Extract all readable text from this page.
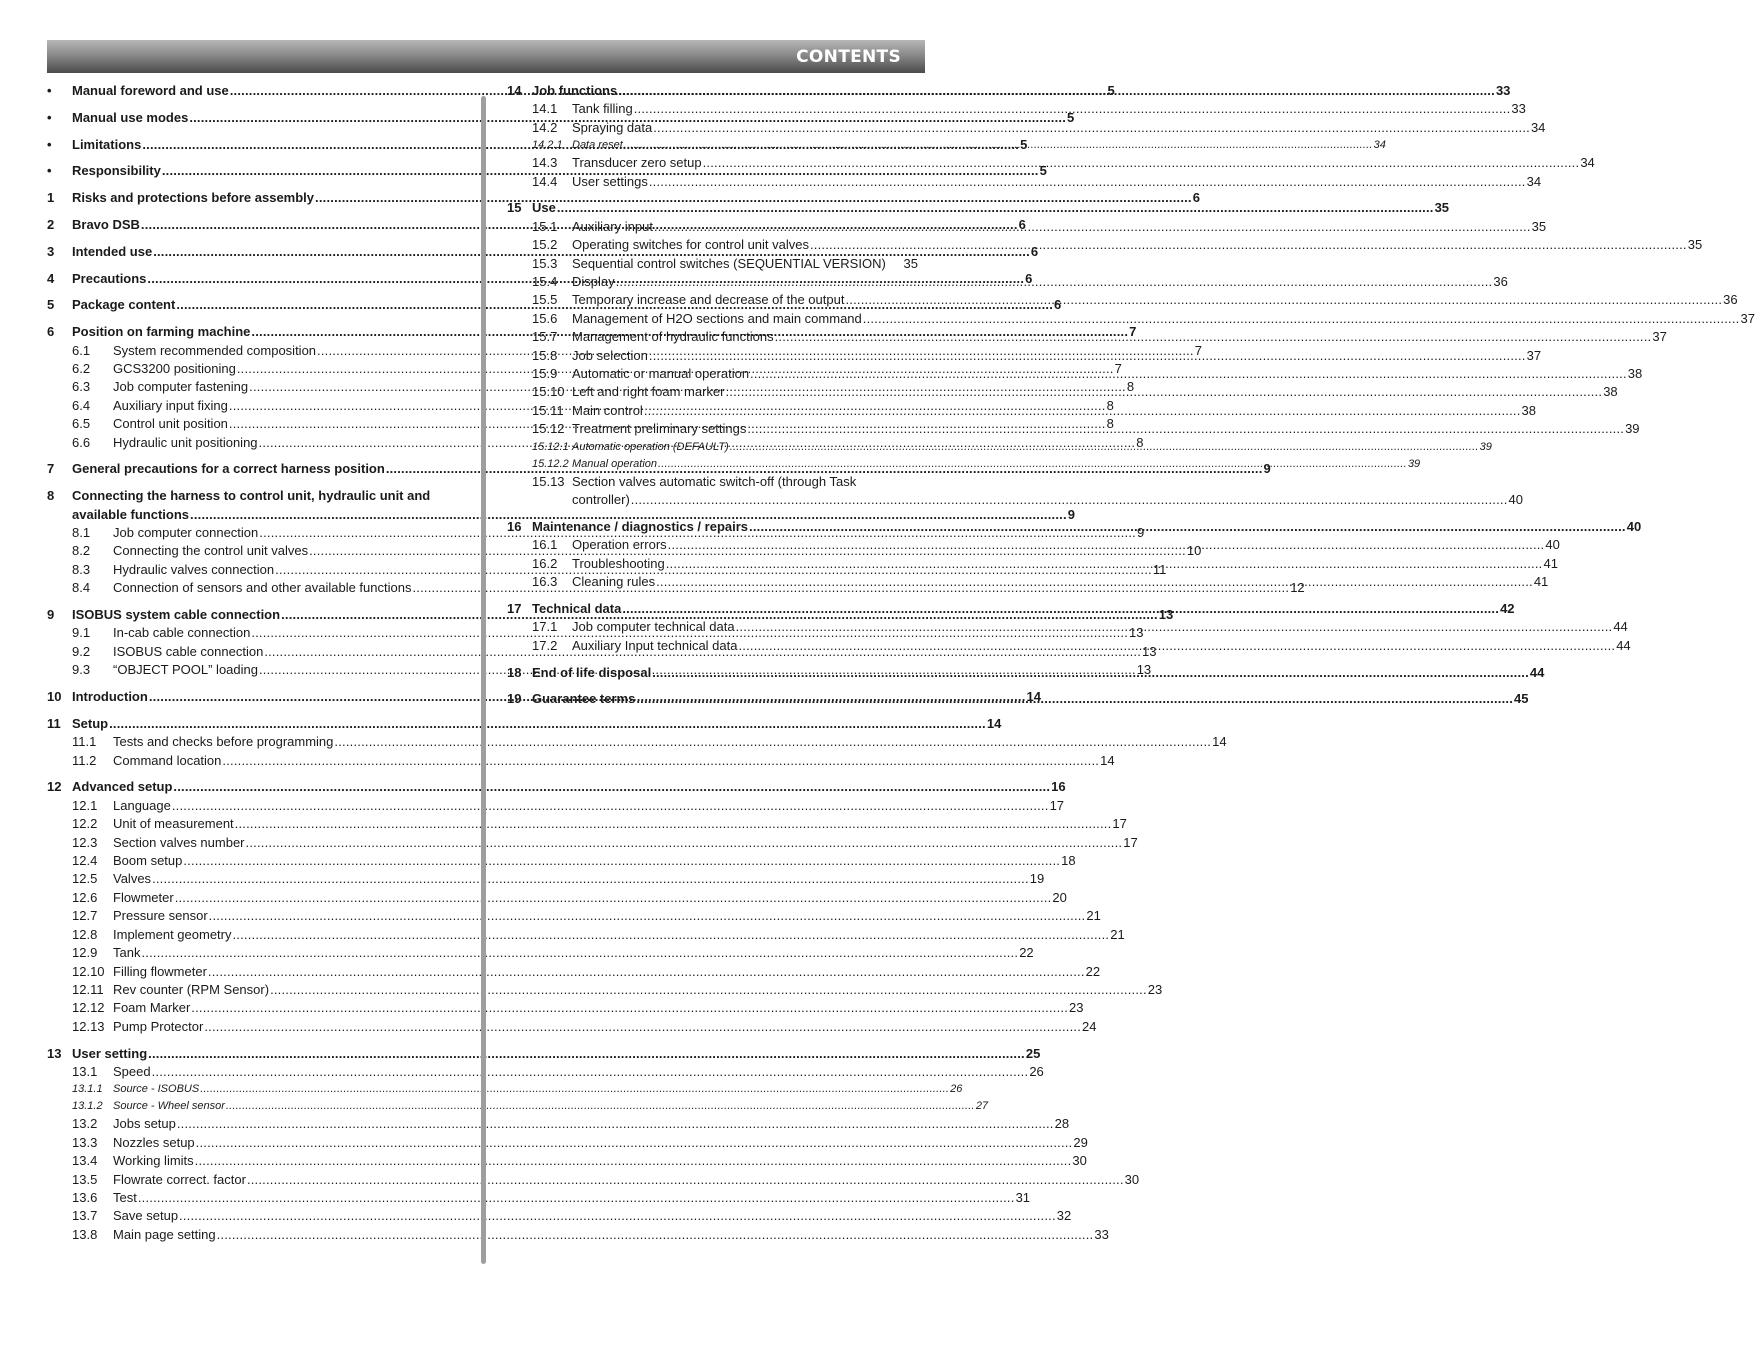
CONTENTS
•	Manual foreword and use .....	5
•	Manual use modes .....	5
•	Limitations .....	5
•	Responsibility .....	5
1	Risks and protections before assembly .....	6
2	Bravo DSB .....	6
3	Intended use .....	6
4	Precautions .....	6
5	Package content .....	6
6	Position on farming machine .....	7
6.1	System recommended composition .....	7
6.2	GCS3200 positioning .....	7
6.3	Job computer fastening .....	8
6.4	Auxiliary input fixing .....	8
6.5	Control unit position .....	8
6.6	Hydraulic unit positioning .....	8
7	General precautions for a correct harness position .....	9
8	Connecting the harness to control unit, hydraulic unit and
available functions .....	9
8.1	Job computer connection .....	9
8.2	Connecting the control unit valves .....	10
8.3	Hydraulic valves connection .....	11
8.4	Connection of sensors and other available functions .....	12
9	ISOBUS system cable connection .....	13
9.1	In-cab cable connection .....	13
9.2	ISOBUS cable connection .....	13
9.3	“OBJECT POOL” loading .....	13
10 Introduction .....	14
11 Setup .....	14
11.1	Tests and checks before programming .....	14
11.2	Command location .....	14
12 Advanced setup .....	16
12.1	Language .....	17
12.2	Unit of measurement .....	17
12.3	Section valves number .....	17
12.4	Boom setup .....	18
12.5	Valves .....	19
12.6	Flowmeter .....	20
12.7	Pressure sensor .....	21
12.8	Implement geometry .....	21
12.9	Tank .....	22
12.10 Filling flowmeter .....	22
12.11 Rev counter (RPM Sensor) .....	23
12.12 Foam Marker .....	23
12.13 Pump Protector .....	24
13 User setting .....	25
13.1	Speed .....	26
13.1.1 Source - ISOBUS .....	26
13.1.2 Source - Wheel sensor .....	27
13.2	Jobs setup .....	28
13.3	Nozzles setup .....	29
13.4	Working limits .....	30
13.5	Flowrate correct. factor .....	30
13.6	Test .....	31
13.7	Save setup .....	32
13.8	Main page setting .....	33
14 Job functions .....	33
14.1	Tank filling .....	33
14.2	Spraying data .....	34
14.2.1 Data reset .....	34
14.3	Transducer zero setup .....	34
14.4	User settings .....	34
15 Use .....	35
15.1	Auxiliary input .....	35
15.2	Operating switches for control unit valves .....	35
15.3	Sequential control switches (SEQUENTIAL VERSION) 35
15.4	Display .....	36
15.5	Temporary increase and decrease of the output .....	36
15.6	Management of H2O sections and main command .....	37
15.7	Management of hydraulic functions .....	37
15.8	Job selection .....	37
15.9	Automatic or manual operation .....	38
15.10 Left and right foam marker .....	38
15.11 Main control .....	38
15.12 Treatment preliminary settings .....	39
15.12.1 Automatic operation (DEFAULT) .....	39
15.12.2 Manual operation .....	39
15.13 Section valves automatic switch-off (through Task
controller) .....	40
16 Maintenance / diagnostics / repairs .....	40
16.1	Operation errors .....	40
16.2	Troubleshooting .....	41
16.3	Cleaning rules .....	41
17 Technical data .....	42
17.1	Job computer technical data .....	44
17.2	Auxiliary Input technical data .....	44
18 End of life disposal .....	44
19 Guarantee terms .....	45
